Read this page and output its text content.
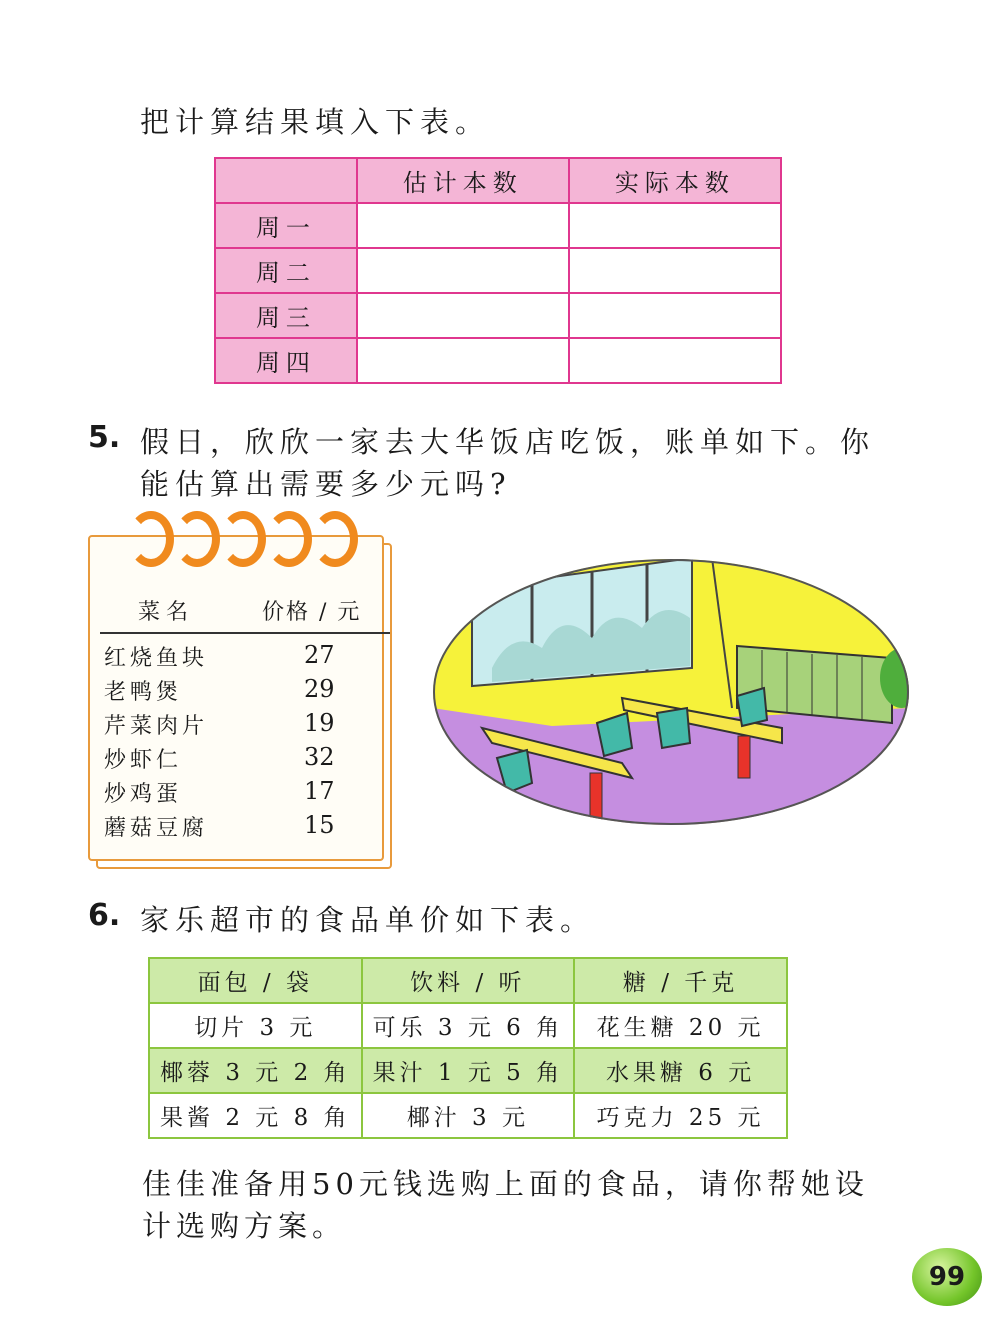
把计算结果填入下表。
	估计本数	实际本数
周一		
周二		
周三		
周四		
5. 假日，欣欣一家去大华饭店吃饭，账单如下。你
能估算出需要多少元吗?
菜名	价格 / 元
红烧鱼块	27
老鸭煲	29
芹菜肉片	19
炒虾仁	32
炒鸡蛋	17
蘑菇豆腐	15
6. 家乐超市的食品单价如下表。
面包 / 袋	饮料 / 听	糖 / 千克
切片 3 元	可乐 3 元 6 角	花生糖 20 元
椰蓉 3 元 2 角	果汁 1 元 5 角	水果糖 6 元
果酱 2 元 8 角	椰汁 3 元	巧克力 25 元
佳佳准备用50元钱选购上面的食品，请你帮她设
计选购方案。
99
